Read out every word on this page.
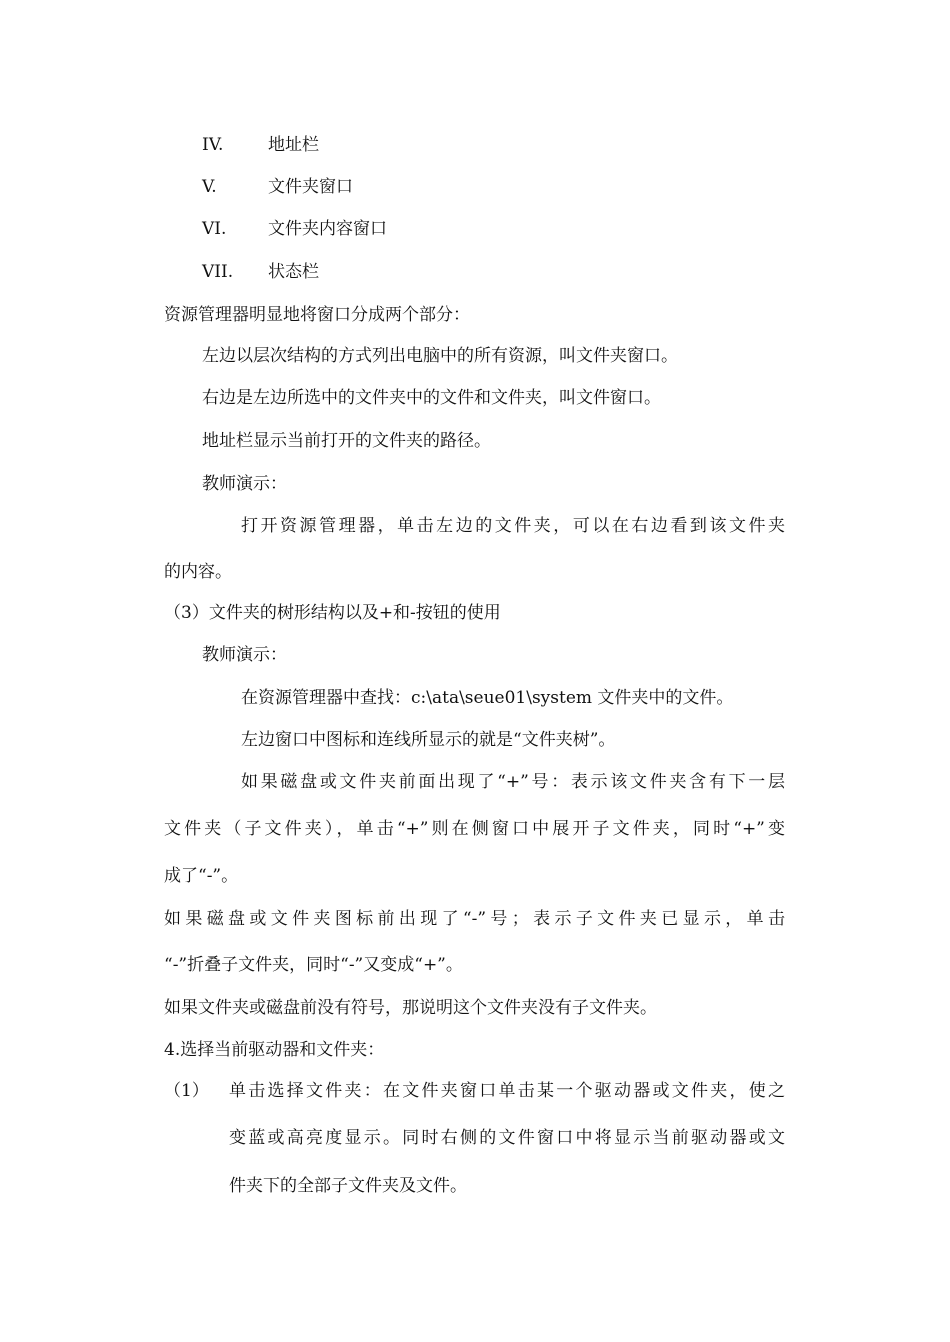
IV.	地址栏
V.	文件夹窗口
VI. 文件夹内容窗口
VII. 状态栏
资源管理器明显地将窗口分成两个部分：
左边以层次结构的方式列出电脑中的所有资源，叫文件夹窗口。
右边是左边所选中的文件夹中的文件和文件夹，叫文件窗口。
地址栏显示当前打开的文件夹的路径。
教师演示：
打开资源管理器，单击左边的文件夹，可以在右边看到该文件夹
的内容。
（3）文件夹的树形结构以及+和-按钮的使用
教师演示：
在资源管理器中查找：c:\ata\seue01\system 文件夹中的文件。
左边窗口中图标和连线所显示的就是“文件夹树”。
如果磁盘或文件夹前面出现了“+”号：表示该文件夹含有下一层
文件夹（子文件夹），单击“+”则在侧窗口中展开子文件夹，同时“+”变
成了“-”。
如果磁盘或文件夹图标前出现了“-”号；表示子文件夹已显示，单击
“-”折叠子文件夹，同时“-”又变成“+”。
如果文件夹或磁盘前没有符号，那说明这个文件夹没有子文件夹。
4.选择当前驱动器和文件夹：
（1） 单击选择文件夹：在文件夹窗口单击某一个驱动器或文件夹，使之
变蓝或高亮度显示。同时右侧的文件窗口中将显示当前驱动器或文
件夹下的全部子文件夹及文件。
